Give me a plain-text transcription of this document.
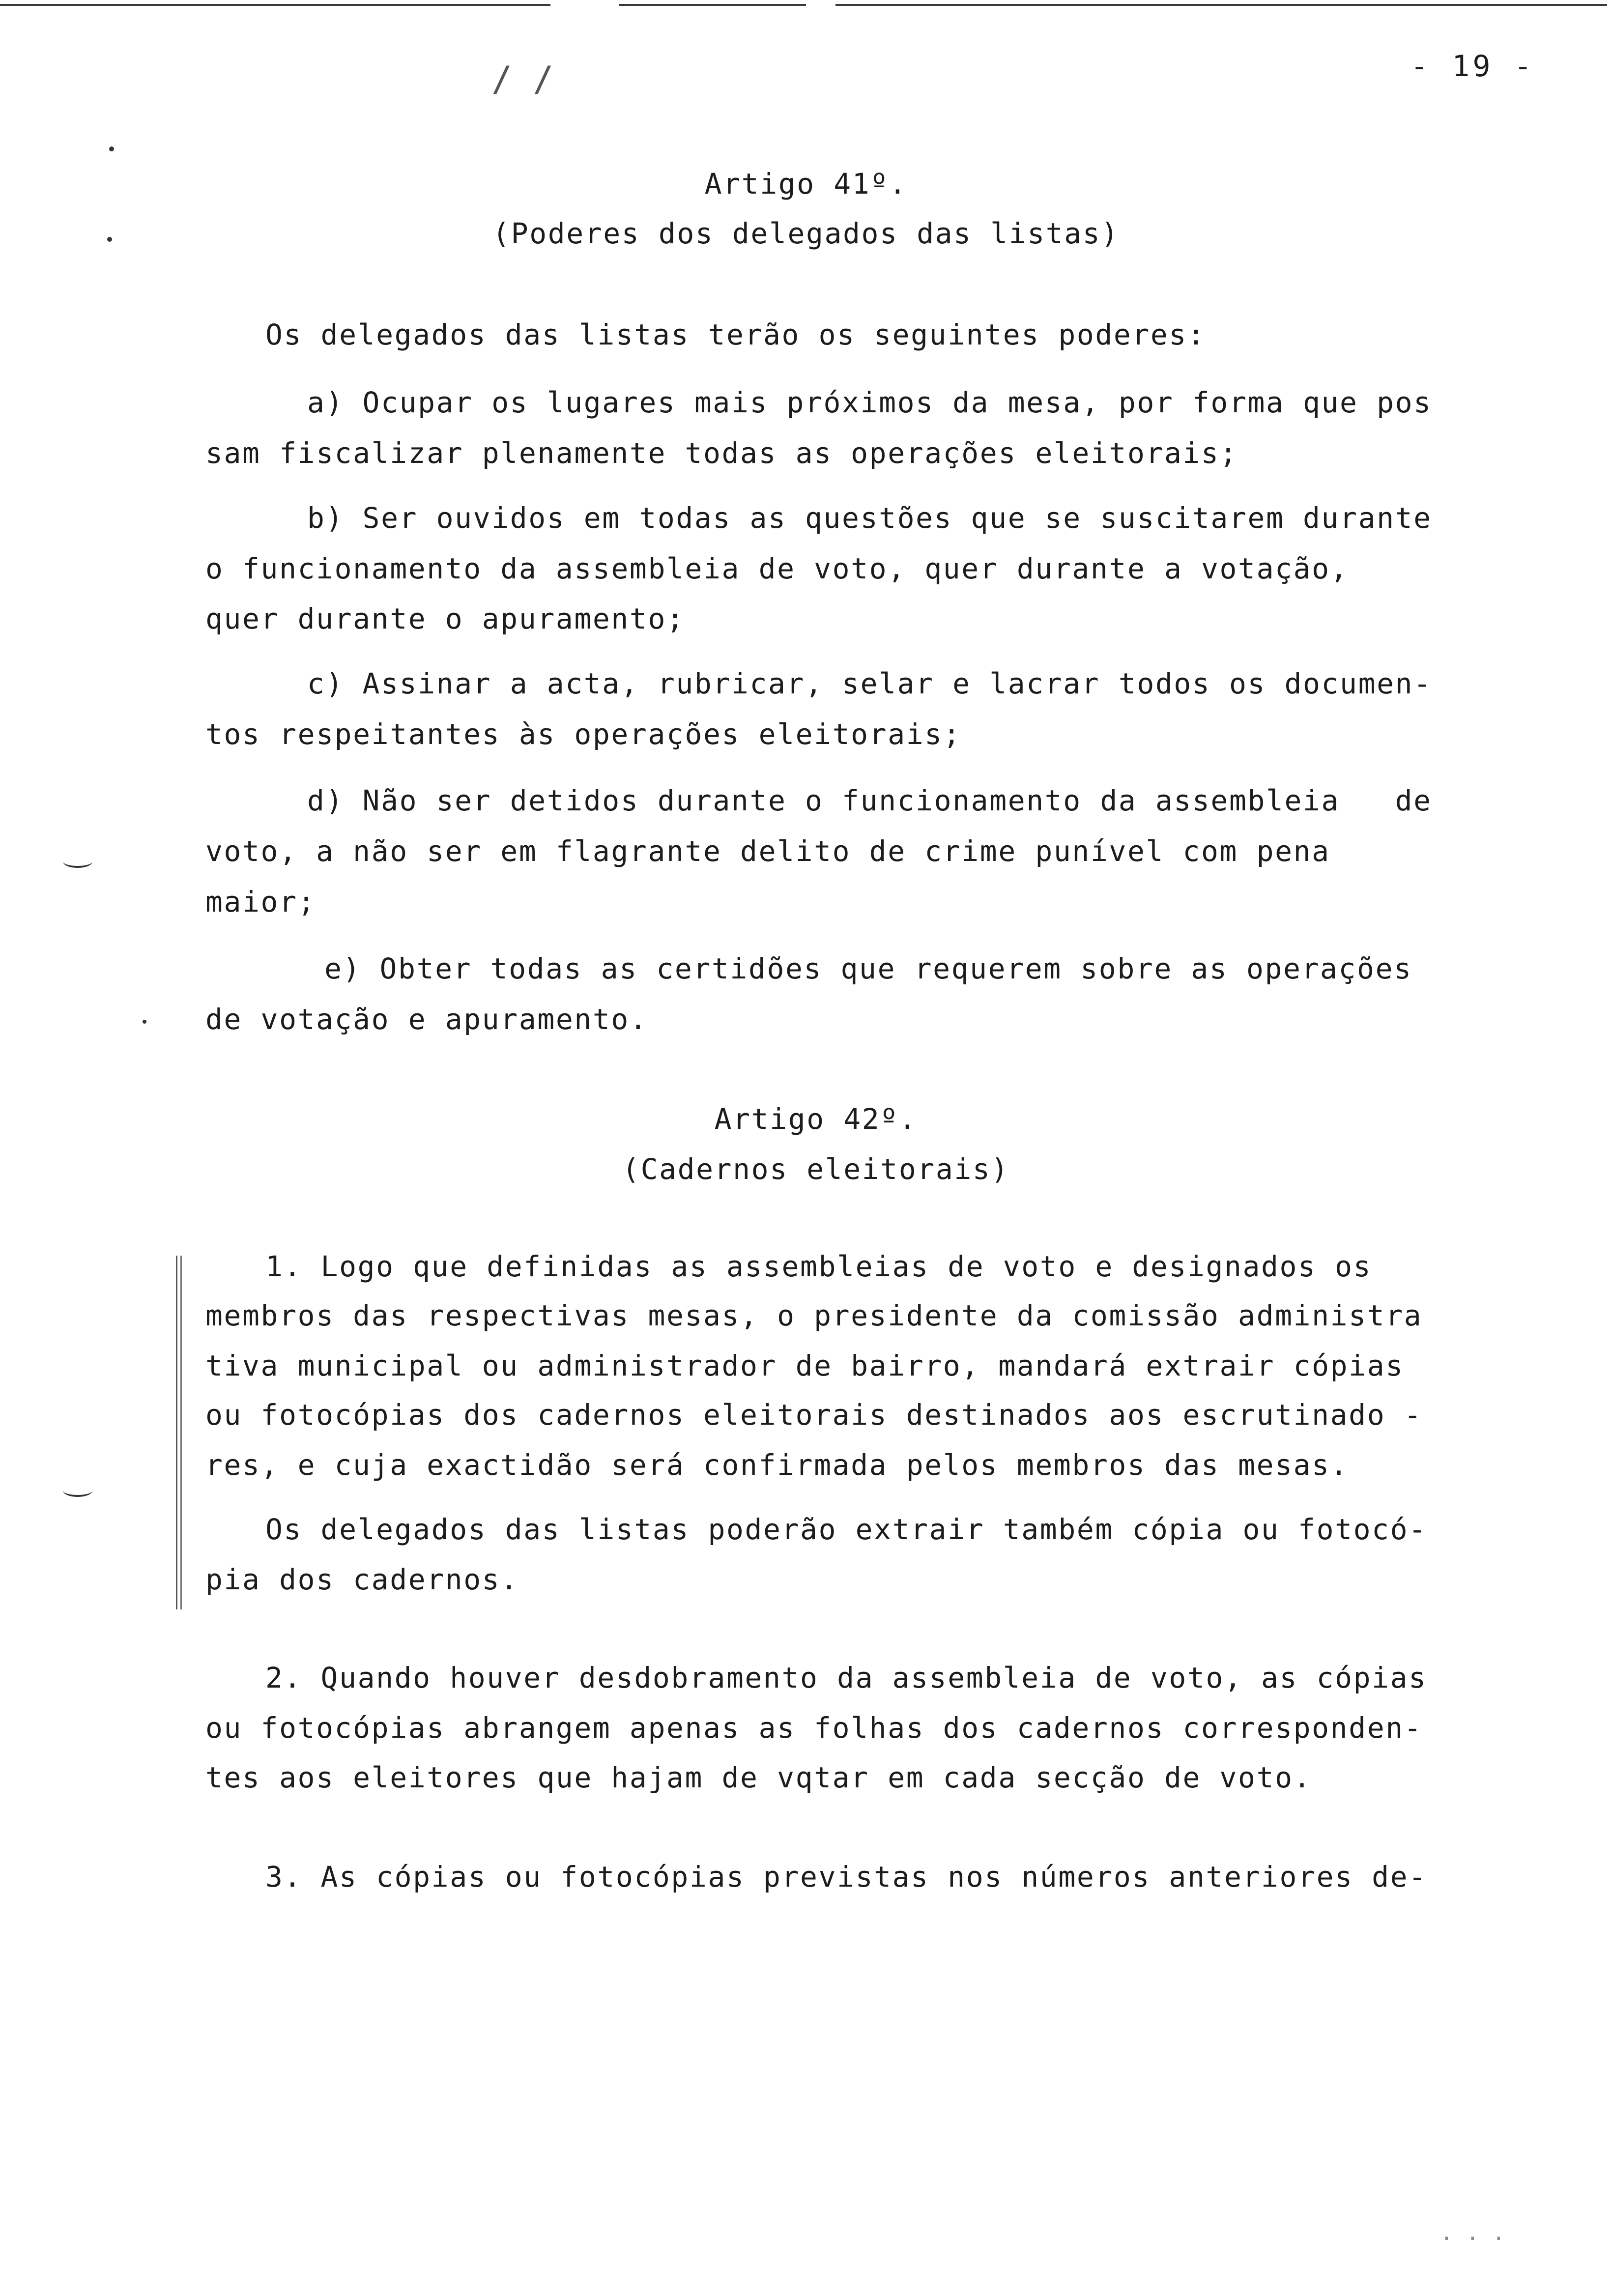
- 19 -
/ /
Artigo 41º.
(Poderes dos delegados das listas)
Os delegados das listas terão os seguintes poderes:
a) Ocupar os lugares mais próximos da mesa, por forma que pos
sam fiscalizar plenamente todas as operações eleitorais;
b) Ser ouvidos em todas as questões que se suscitarem durante
o funcionamento da assembleia de voto, quer durante a votação,
quer durante o apuramento;
c) Assinar a acta, rubricar, selar e lacrar todos os documen-
tos respeitantes às operações eleitorais;
d) Não ser detidos durante o funcionamento da assembleia   de
voto, a não ser em flagrante delito de crime punível com pena
maior;
e) Obter todas as certidões que requerem sobre as operações
de votação e apuramento.
Artigo 42º.
(Cadernos eleitorais)
1. Logo que definidas as assembleias de voto e designados os
membros das respectivas mesas, o presidente da comissão administra
tiva municipal ou administrador de bairro, mandará extrair cópias
ou fotocópias dos cadernos eleitorais destinados aos escrutinado -
res, e cuja exactidão será confirmada pelos membros das mesas.
Os delegados das listas poderão extrair também cópia ou fotocó-
pia dos cadernos.
2. Quando houver desdobramento da assembleia de voto, as cópias
ou fotocópias abrangem apenas as folhas dos cadernos corresponden-
tes aos eleitores que hajam de vqtar em cada secção de voto.
3. As cópias ou fotocópias previstas nos números anteriores de-
· · ·
